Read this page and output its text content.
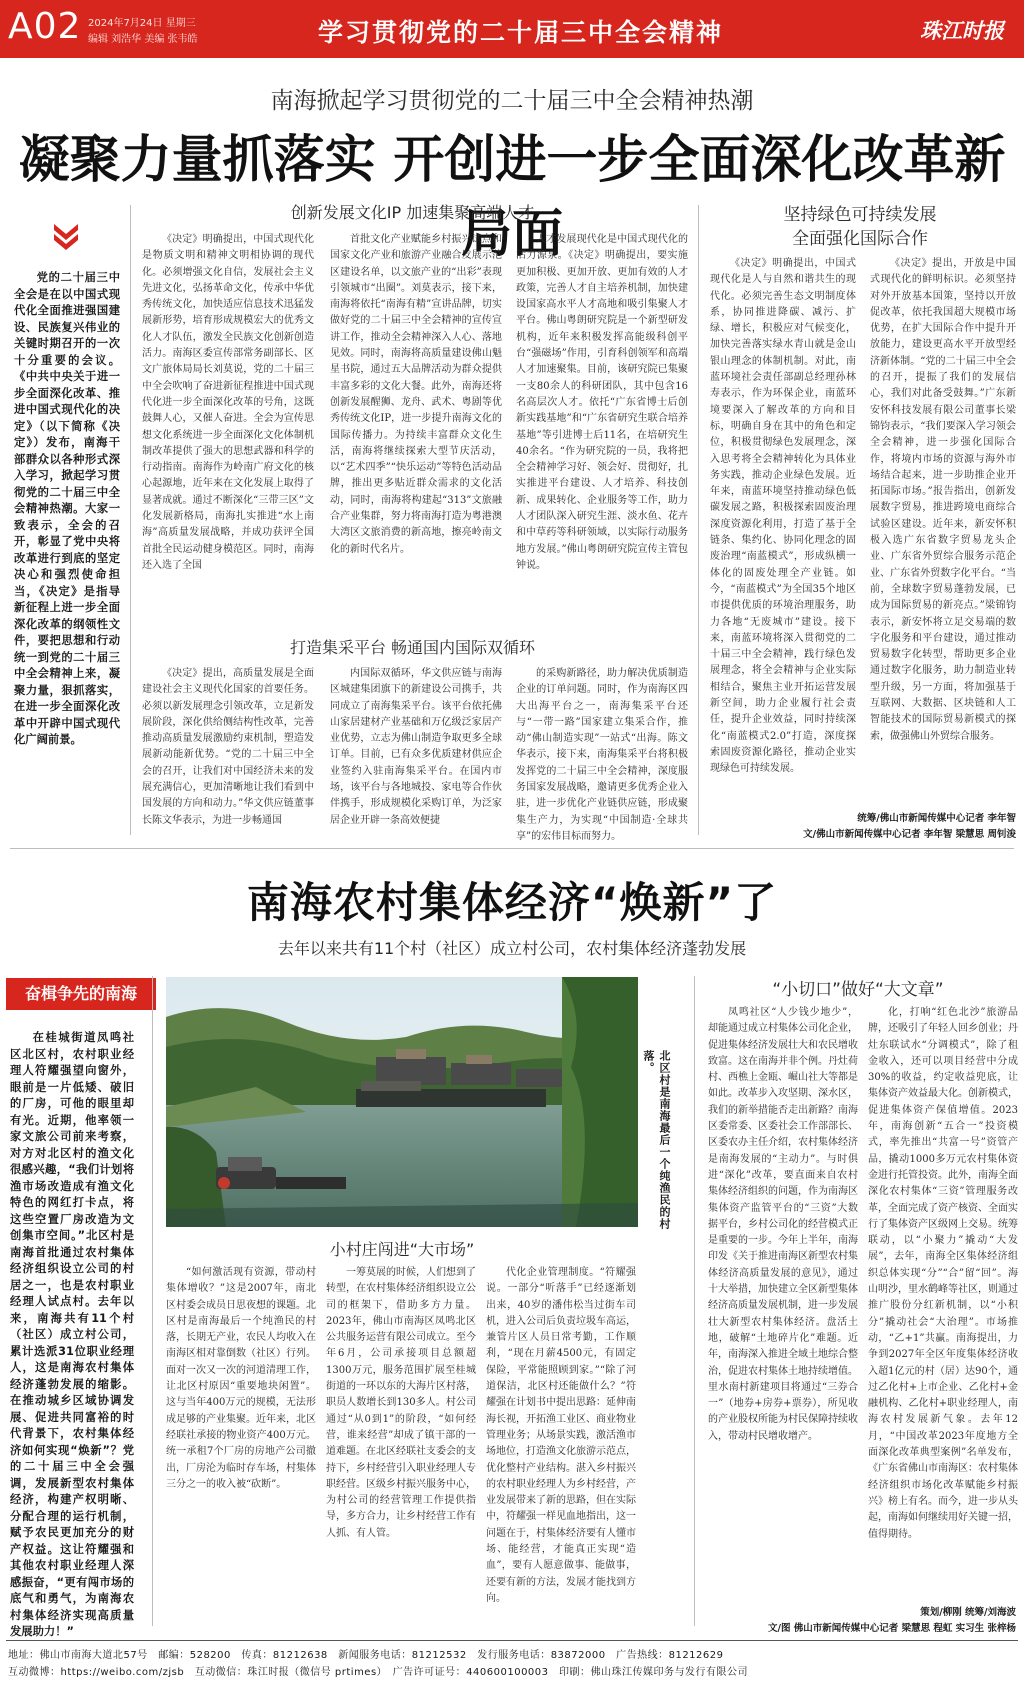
A02 2024年7月24日 星期三
编辑 刘浩华 美编 张韦皓	学习贯彻党的二十届三中全会精神	珠江时报
南海掀起学习贯彻党的二十届三中全会精神热潮
凝聚力量抓落实 开创进一步全面深化改革新局面
党的二十届三中全会是在以中国式现代化全面推进强国建设、民族复兴伟业的关键时期召开的一次十分重要的会议。《中共中央关于进一步全面深化改革、推进中国式现代化的决定》（以下简称《决定》）发布，南海干部群众以各种形式深入学习，掀起学习贯彻党的二十届三中全会精神热潮。大家一致表示，全会的召开，彰显了党中央将改革进行到底的坚定决心和强烈使命担当，《决定》是指导新征程上进一步全面深化改革的纲领性文件，要把思想和行动统一到党的二十届三中全会精神上来，凝聚力量，狠抓落实，在进一步全面深化改革中开辟中国式现代化广阔前景。
创新发展文化IP 加速集聚高端人才
《决定》明确提出，中国式现代化是物质文明和精神文明相协调的现代化。必须增强文化自信，发展社会主义先进文化，弘扬革命文化，传承中华优秀传统文化，加快适应信息技术迅猛发展新形势，培育形成规模宏大的优秀文化人才队伍，激发全民族文化创新创造活力。南海区委宣传部常务副部长、区文广旅体局局长刘莫说，党的二十届三中全会吹响了奋进新征程推进中国式现代化进一步全面深化改革的号角，这既鼓舞人心，又催人奋进。全会为宣传思想文化系统进一步全面深化文化体制机制改革提供了强大的思想武器和科学的行动指南。南海作为岭南广府文化的核心起源地，近年来在文化发展上取得了显著成就。通过不断深化“三带三区”文化发展新格局，南海扎实推进“水上南海”高质量发展战略，并成功获评全国首批全民运动健身模范区。同时，南海还入选了全国
首批文化产业赋能乡村振兴试点和国家文化产业和旅游产业融合发展示范区建设名单，以文旅产业的“出彩”表现引领城市“出圈”。刘莫表示，接下来，南海将依托“南海有精”宣讲品牌，切实做好党的二十届三中全会精神的宣传宣讲工作，推动全会精神深入人心、落地见效。同时，南海将高质量建设佛山魁星书院，通过五大品牌活动为群众提供丰富多彩的文化大餐。此外，南海还将创新发展醒狮、龙舟、武术、粤剧等优秀传统文化IP，进一步提升南海文化的国际传播力。为持续丰富群众文化生活，南海将继续探索大型节庆活动，以“艺术四季”“快乐运动”等特色活动品牌，推出更多贴近群众需求的文化活动，同时，南海将构建起“313”文旅融合产业集群，努力将南海打造为粤港澳大湾区文旅消费的新高地，擦亮岭南文化的新时代名片。
人才发展现代化是中国式现代化的活力源泉。《决定》明确提出，要实施更加积极、更加开放、更加有效的人才政策，完善人才自主培养机制，加快建设国家高水平人才高地和吸引集聚人才平台。佛山粤朗研究院是一个新型研发机构，近年来积极发挥高能级科创平台“强磁场”作用，引育科创领军和高端人才加速聚集。目前，该研究院已集聚一支80余人的科研团队，其中包含16名高层次人才。依托“广东省博士后创新实践基地”和“广东省研究生联合培养基地”等引进博士后11名，在培研究生40余名。“作为研究院的一员，我将把全会精神学习好、领会好、贯彻好，扎实推进平台建设、人才培养、科技创新、成果转化、企业服务等工作，助力人才团队深入研究生涯、淡水鱼、花卉和中草药等科研领域，以实际行动服务地方发展。”佛山粤朗研究院宣传主管包钟说。
打造集采平台 畅通国内国际双循环
《决定》提出，高质量发展是全面建设社会主义现代化国家的首要任务。必须以新发展理念引领改革，立足新发展阶段，深化供给侧结构性改革，完善推动高质量发展激励约束机制，塑造发展新动能新优势。“党的二十届三中全会的召开，让我们对中国经济未来的发展充满信心，更加清晰地让我们看到中国发展的方向和动力。”华文供应链董事长陈文华表示，为进一步畅通国
内国际双循环，华文供应链与南海区城建集团旗下的新建设公司携手，共同成立了南海集采平台。该平台依托佛山家居建材产业基础和万亿级泛家居产业优势，立志为佛山制造争取更多全球订单。目前，已有众多优质建材供应企业签约入驻南海集采平台。在国内市场，该平台与各地城投、家电等合作伙伴携手，形成规模化采购订单，为泛家居企业开辟一条高效便捷
的采购新路径，助力解决优质制造企业的订单问题。同时，作为南海区四大出海平台之一，南海集采平台还与“一带一路”国家建立集采合作，推动“佛山制造实现”一站式“出海。陈文华表示，接下来，南海集采平台将积极发挥党的二十届三中全会精神，深度服务国家发展战略，邀请更多优秀企业入驻，进一步优化产业链供应链，形成聚集生产力，为实现“中国制造·全球共享”的宏伟目标而努力。
坚持绿色可持续发展
全面强化国际合作
《决定》明确提出，中国式现代化是人与自然和谐共生的现代化。必须完善生态文明制度体系，协同推进降碳、减污、扩绿、增长，积极应对气候变化，加快完善落实绿水青山就是金山银山理念的体制机制。对此，南蓝环境社会责任部副总经理孙林寿表示，作为环保企业，南蓝环境要深入了解改革的方向和目标，明确自身在其中的角色和定位，积极贯彻绿色发展理念，深入思考将全会精神转化为具体业务实践，推动企业绿色发展。近年来，南蓝环境坚持推动绿色低碳发展之路，积极探索固废治理深度资源化利用，打造了基于全链条、集约化、协同化理念的固废治理“南蓝模式”，形成纵横一体化的固废处理全产业链。如今，“南蓝模式”为全国35个地区市提供优质的环境治理服务，助力各地“无废城市”建设。接下来，南蓝环境将深入贯彻党的二十届三中全会精神，践行绿色发展理念，将全会精神与企业实际相结合，聚焦主业开拓运营发展新空间，助力企业履行社会责任，提升企业效益，同时持续深化“南蓝模式2.0”打造，深度探索固废资源化路径，推动企业实现绿色可持续发展。
《决定》提出，开放是中国式现代化的鲜明标识。必须坚持对外开放基本国策，坚持以开放促改革，依托我国超大规模市场优势，在扩大国际合作中提升开放能力，建设更高水平开放型经济新体制。“党的二十届三中全会的召开，提振了我们的发展信心，我们对此备受鼓舞。”广东新安怀科技发展有限公司董事长梁锦钧表示，“我们要深入学习领会全会精神，进一步强化国际合作，将境内市场的资源与海外市场结合起来，进一步助推企业开拓国际市场。”报告指出，创新发展数字贸易，推进跨境电商综合试验区建设。近年来，新安怀积极入选广东省数字贸易龙头企业、广东省外贸综合服务示范企业、广东省外贸数字化平台。“当前，全球数字贸易蓬勃发展，已成为国际贸易的新亮点。”梁锦钧表示，新安怀将立足交易端的数字化服务和平台建设，通过推动贸易数字化转型，帮助更多企业通过数字化服务，助力制造业转型升级，另一方面，将加强基于互联网、大数据、区块链和人工智能技术的国际贸易新模式的探索，做强佛山外贸综合服务。
统筹/佛山市新闻传媒中心记者 李年智
文/佛山市新闻传媒中心记者 李年智 梁慧思 周钊浚
南海农村集体经济“焕新”了
去年以来共有11个村（社区）成立村公司，农村集体经济蓬勃发展
奋楫争先的南海
在桂城街道凤鸣社区北区村，农村职业经理人符耀强望向窗外，眼前是一片低矮、破旧的厂房，可他的眼里却有光。近期，他率领一家文旅公司前来考察，对方对北区村的渔文化很感兴趣，“我们计划将渔市场改造成有渔文化特色的网红打卡点，将这些空置厂房改造为文创集市空间。”北区村是南海首批通过农村集体经济组织设立公司的村居之一，也是农村职业经理人试点村。去年以来，南海共有11个村（社区）成立村公司，累计选派31位职业经理人，这是南海农村集体经济蓬勃发展的缩影。在推动城乡区域协调发展、促进共同富裕的时代背景下，农村集体经济如何实现“焕新”？党的二十届三中全会强调，发展新型农村集体经济，构建产权明晰、分配合理的运行机制，赋予农民更加充分的财产权益。这让符耀强和其他农村职业经理人深感振奋，“更有闯市场的底气和勇气，为南海农村集体经济实现高质量发展助力！”
北区村是南海最后一个纯渔民的村落。
小村庄闯进“大市场”
“如何激活现有资源，带动村集体增收？”这是2007年，南北区村委会成员日思夜想的课题。北区村是南海最后一个纯渔民的村落，长期无产业，农民人均收入在南海区相对靠倒数（社区）行列。面对一次又一次的河道清理工作，让北区村原因“重要地块闲置”。这与当年400万元的规模，无法形成足够的产业集聚。近年来，北区经联社承接的物业资产400万元。统一承租7个厂房的房地产公司撤出，厂房沦为临时存车场，村集体三分之一的收入被“砍断”。
一筹莫展的时候，人们想到了转型，在农村集体经济组织设立公司的框架下，借助多方力量。2023年，佛山市南海区凤鸣北区公共服务运营有限公司成立。至今年6月，公司承接项目总额超1300万元，服务范围扩展至桂城街道的一环以东的大海片区村落，职员人数增长到130多人。村公司通过“从0到1”的阶段，“如何经营，谁来经营”却成了镇干部的一道难题。在北区经联社支委会的支持下，乡村经营引入职业经理人专职经营。区级乡村振兴服务中心，为村公司的经营管理工作提供指导，多方合力，让乡村经营工作有人抓、有人管。
代化企业管理制度。“符耀强说。一部分“听落手”已经逐渐划出来，40岁的潘伟松当过街车司机，进入公司后负责垃圾车高运，兼管片区人员日常考勤，工作顺利，“现在月薪4500元，有固定保险，平常能照顾到家。”“除了河道保洁，北区村还能做什么？”符耀强在计划书中提出思路：延伸南海长视，开拓渔工业区、商业物业管理业务；从场景实践，激活渔市场地位，打造渔文化旅游示范点，优化整村产业结构。湛入乡村振兴的农村职业经理人为乡村经营，产业发展带来了新的思路，但在实际中，符耀强一样见血地指出，这一问题在于，村集体经济要有人懂市场、能经营，才能真正实现“造血”，要有人愿意做事、能做事，还要有新的方法，发展才能找到方向。
“小切口”做好“大文章”
凤鸣社区“人少钱少地少”，却能通过成立村集体公司化企业，促进集体经济发展壮大和农民增收致富。这在南海并非个例。丹灶荷村、西樵上金瓯、崛山社大等都是如此。改革步入攻坚期、深水区，我们的新举措能否走出新路？南海区委常委、区委社会工作部部长、区委农办主任介绍，农村集体经济是南海发展的“主动力”。与时俱进“深化”改革，要直面来自农村集体经济组织的问题，作为南海区集体资产监管平台的“三资”大数据平台，乡村公司化的经营模式正是重要的一步。今年上半年，南海印发《关于推进南海区新型农村集体经济高质量发展的意见》，通过十大举措，加快建立全区新型集体经济高质量发展机制，进一步发展壮大新型农村集体经济。盘活土地，破解“土地碎片化”难题。近年，南海深入推进全域土地综合整治，促进农村集体土地持续增值。里水南村新建项目将通过“三券合一”（地券+房券+票券），所见收的产业股权所能为村民保障持续收入，带动村民增收增产。
化，打响“红色北沙”旅游品牌，还吸引了年轻人回乡创业；丹灶东联试水“分调模式”，除了租金收入，还可以项目经营中分成30%的收益，约定收益兜底，让集体资产效益最大化。创新模式，促进集体资产保值增值。2023年，南海创新“五合一”投资模式，率先推出“共富一号”资管产品，撬动1000多万元农村集体资金进行托管投资。此外，南海全面深化农村集体“三资”管理服务改革，全面完成了资产核资、全面实行了集体资产区级网上交易。统筹联动，以“小聚力”撬动“大发展”，去年，南海全区集体经济组织总体实现“分”“合”留“回”。海山明沙，里水鹤峰等社区，则通过推广股份分红新机制，以“小积分”撬动社会“大治理”。市场推动，“乙+1”共赢。南海提出，力争到2027年全区年度集体经济收入超1亿元的村（居）达90个，通过乙化村+上市企业、乙化村+金融机构、乙化村+职业经理人，南海农村发展新气象。去年12月，“中国改革2023年度地方全面深化改革典型案例”名单发布，《广东省佛山市南海区：农村集体经济组织市场化改革赋能乡村振兴》榜上有名。而今，进一步从头起，南海如何继续用好关键一招，值得期待。
策划/柳刚 统筹/刘海波
文/图 佛山市新闻传媒中心记者 梁慧思 程虹 实习生 张梓杨
地址：佛山市南海大道北57号　邮编：528200　传真：81212638　新闻服务电话：81212532　发行服务电话：83872000　广告热线：81212629
互动微博：https://weibo.com/zjsb　互动微信：珠江时报（微信号 prtimes）　广告许可证号：440600100003　印刷：佛山珠江传媒印务与发行有限公司
